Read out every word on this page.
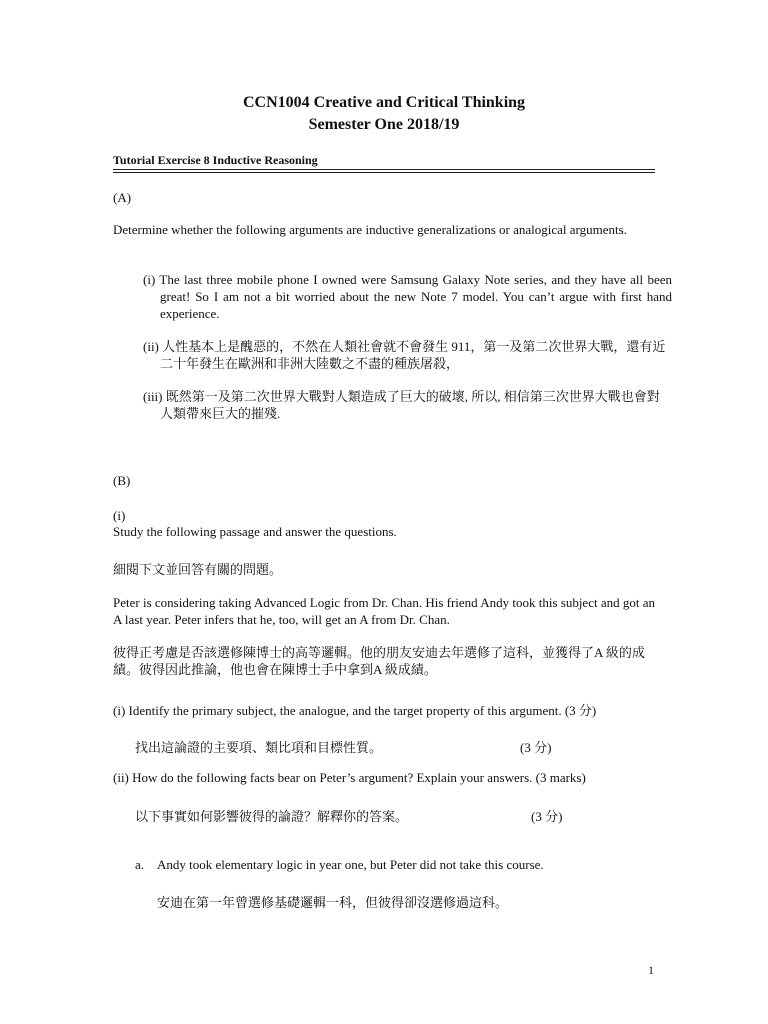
CCN1004 Creative and Critical Thinking
Semester One 2018/19
Tutorial Exercise 8 Inductive Reasoning
(A)
Determine whether the following arguments are inductive generalizations or analogical arguments.
(i) The last three mobile phone I owned were Samsung Galaxy Note series, and they have all been great! So I am not a bit worried about the new Note 7 model. You can’t argue with first hand experience.
(ii) 人性基本上是醜惡的，不然在人類社會就不會發生 911，第一及第二次世界大戰，還有近二十年發生在歐洲和非洲大陸數之不盡的種族屠殺，
(iii) 既然第一及第二次世界大戰對人類造成了巨大的破壞, 所以, 相信第三次世界大戰也會對人類帶來巨大的摧殘.
(B)
(i)
Study the following passage and answer the questions.
細閱下文並回答有關的問題。
Peter is considering taking Advanced Logic from Dr. Chan. His friend Andy took this subject and got an A last year. Peter infers that he, too, will get an A from Dr. Chan.
彼得正考慮是否該選修陳博士的高等邏輯。他的朋友安迪去年選修了這科，並獲得了A 級的成績。彼得因此推論，他也會在陳博士手中拿到A 級成績。
(i) Identify the primary subject, the analogue, and the target property of this argument. (3 分)
找出這論證的主要項、類比項和目標性質。	(3 分)
(ii) How do the following facts bear on Peter’s argument? Explain your answers. (3 marks)
以下事實如何影響彼得的論證？解釋你的答案。	(3 分)
a. Andy took elementary logic in year one, but Peter did not take this course.
安迪在第一年曾選修基礎邏輯一科，但彼得卻沒選修過這科。
1
